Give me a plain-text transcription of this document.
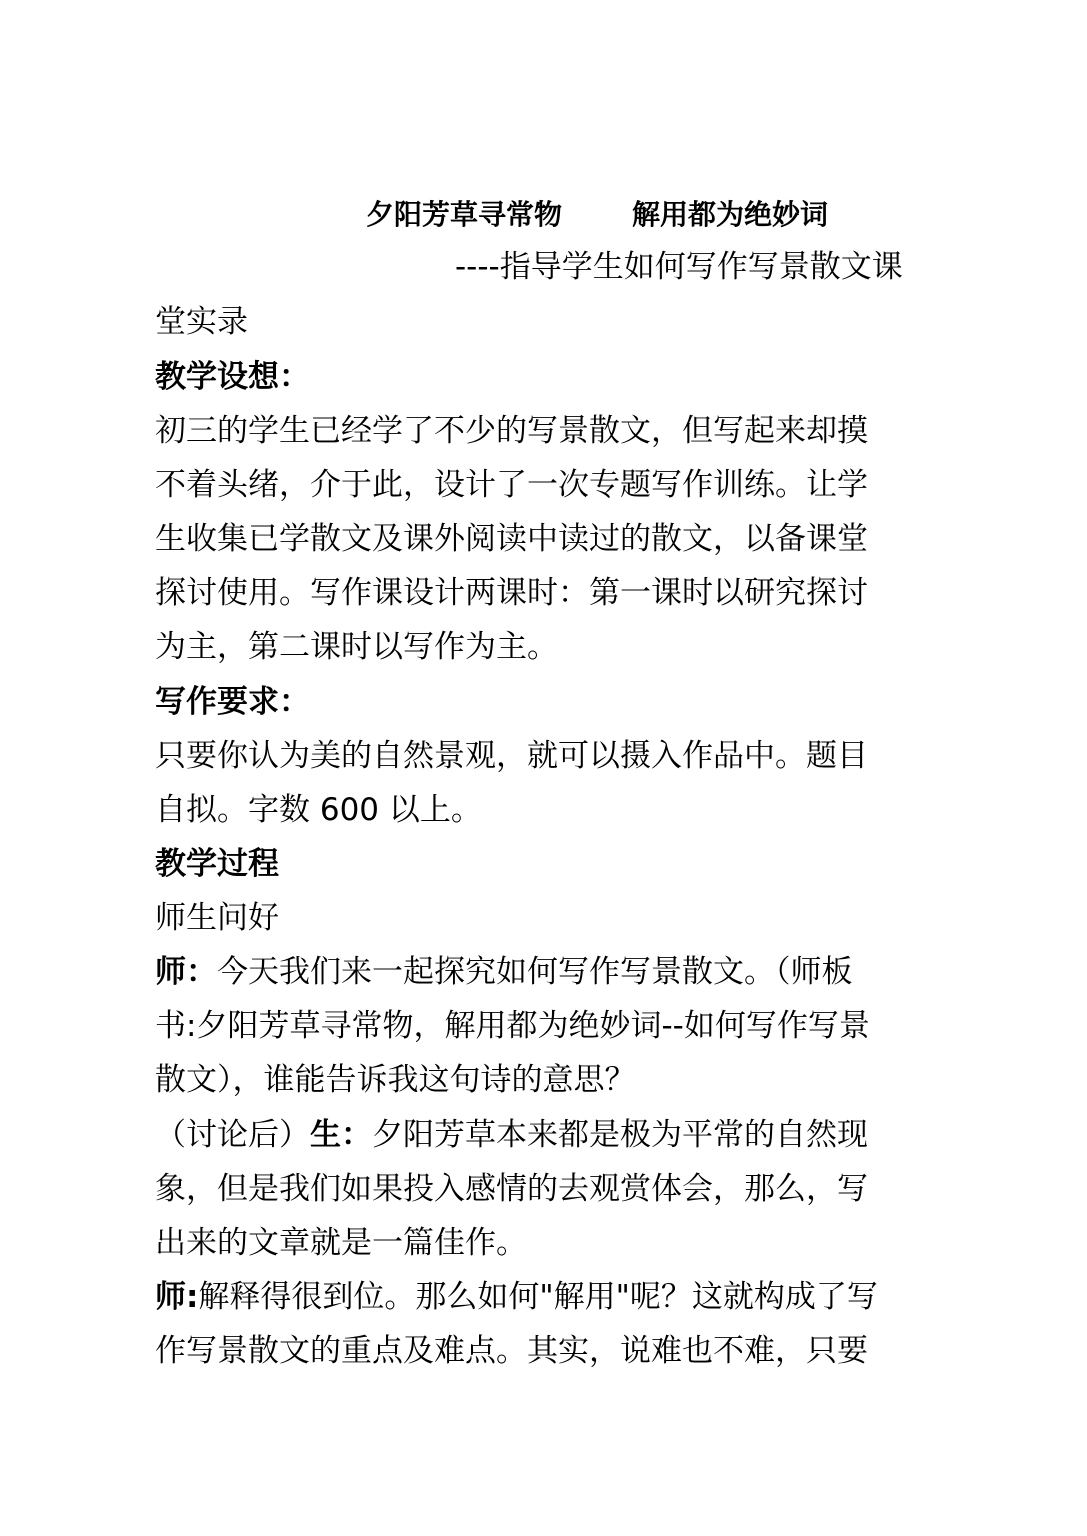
夕阳芳草寻常物 解用都为绝妙词
----指导学生如何写作写景散文课
堂实录
教学设想：
初三的学生已经学了不少的写景散文，但写起来却摸
不着头绪，介于此，设计了一次专题写作训练。让学
生收集已学散文及课外阅读中读过的散文，以备课堂
探讨使用。写作课设计两课时：第一课时以研究探讨
为主，第二课时以写作为主。
写作要求：
只要你认为美的自然景观，就可以摄入作品中。题目
自拟。字数 600 以上。
教学过程
师生问好
师：今天我们来一起探究如何写作写景散文。（师板
书:夕阳芳草寻常物，解用都为绝妙词--如何写作写景
散文），谁能告诉我这句诗的意思？
（讨论后）生：夕阳芳草本来都是极为平常的自然现
象，但是我们如果投入感情的去观赏体会，那么，写
出来的文章就是一篇佳作。
师:解释得很到位。那么如何"解用"呢？这就构成了写
作写景散文的重点及难点。其实，说难也不难，只要
